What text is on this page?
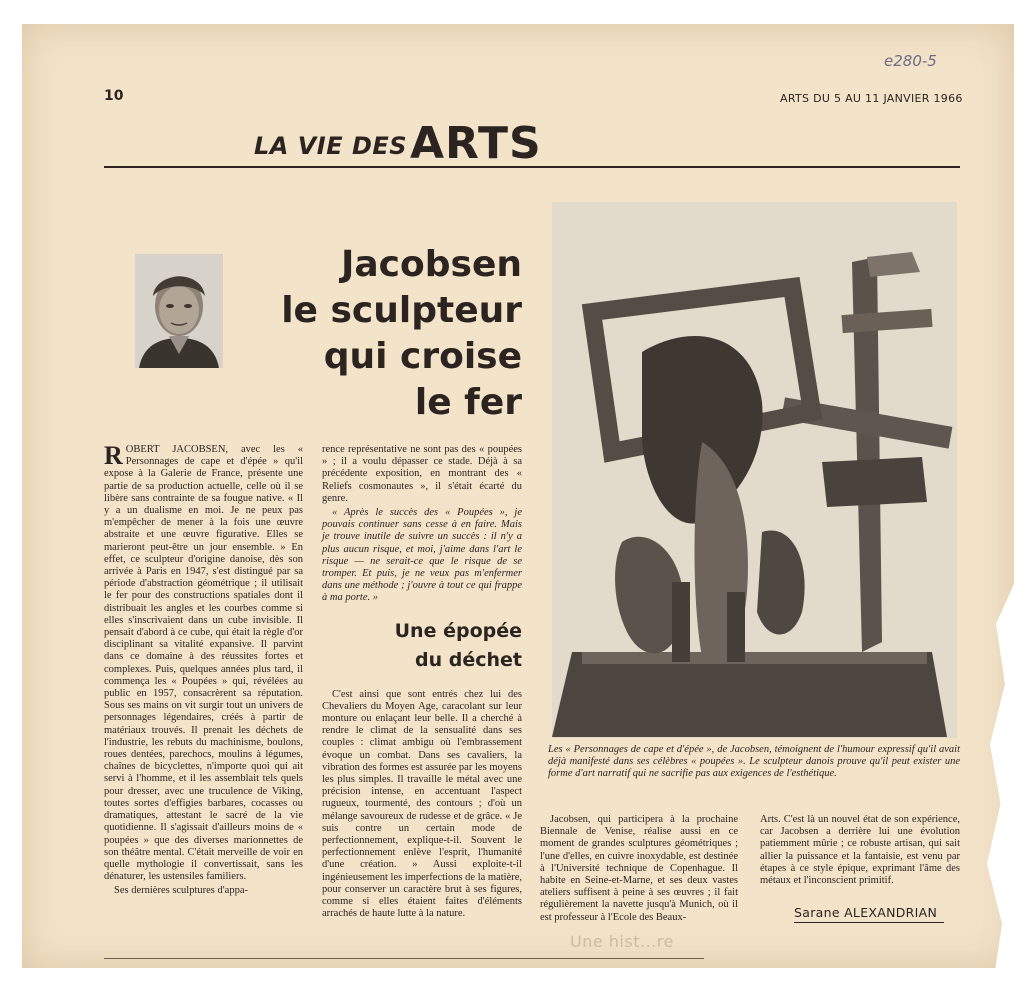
e280-5
10	ARTS DU 5 AU 11 JANVIER 1966
LA VIE DES ARTS
Jacobsen
le sculpteur
qui croise
le fer
Les « Personnages de cape et d'épée », de Jacobsen, témoignent de l'humour expressif qu'il avait déjà manifesté dans ses célèbres « poupées ». Le sculpteur danois prouve qu'il peut exister une forme d'art narratif qui ne sacrifie pas aux exigences de l'esthétique.

ROBERT JACOBSEN, avec les « Personnages de cape et d'épée » qu'il expose à la Galerie de France, présente une partie de sa production actuelle, celle où il se libère sans contrainte de sa fougue native. « Il y a un dualisme en moi. Je ne peux pas m'empêcher de mener à la fois une œuvre abstraite et une œuvre figurative. Elles se marieront peut-être un jour ensemble. » En effet, ce sculpteur d'origine danoise, dès son arrivée à Paris en 1947, s'est distingué par sa période d'abstraction géométrique ; il utilisait le fer pour des constructions spatiales dont il distribuait les angles et les courbes comme si elles s'inscrivaient dans un cube invisible. Il pensait d'abord à ce cube, qui était la règle d'or disciplinant sa vitalité expansive. Il parvint dans ce domaine à des réussites fortes et complexes. Puis, quelques années plus tard, il commença les « Poupées » qui, révélées au public en 1957, consacrèrent sa réputation. Sous ses mains on vit surgir tout un univers de personnages légendaires, créés à partir de matériaux trouvés. Il prenait les déchets de l'industrie, les rebuts du machinisme, boulons, roues dentées, parechocs, moulins à légumes, chaînes de bicyclettes, n'importe quoi qui ait servi à l'homme, et il les assemblait tels quels pour dresser, avec une truculence de Viking, toutes sortes d'effigies barbares, cocasses ou dramatiques, attestant le sacré de la vie quotidienne. Il s'agissait d'ailleurs moins de « poupées » que des diverses marionnettes de son théâtre mental. C'était merveille de voir en quelle mythologie il convertissait, sans les dénaturer, les ustensiles familiers.

Ses dernières sculptures d'appa-

rence représentative ne sont pas des « poupées » ; il a voulu dépasser ce stade. Déjà à sa précédente exposition, en montrant des « Reliefs cosmonautes », il s'était écarté du genre.

« Après le succès des « Poupées », je pouvais continuer sans cesse à en faire. Mais je trouve inutile de suivre un succès : il n'y a plus aucun risque, et moi, j'aime dans l'art le risque — ne serait-ce que le risque de se tromper. Et puis, je ne veux pas m'enfermer dans une méthode ; j'ouvre à tout ce qui frappe à ma porte. »

Une épopée
du déchet

C'est ainsi que sont entrés chez lui des Chevaliers du Moyen Age, caracolant sur leur monture ou enlaçant leur belle. Il a cherché à rendre le climat de la sensualité dans ses couples : climat ambigu où l'embrassement évoque un combat. Dans ses cavaliers, la vibration des formes est assurée par les moyens les plus simples. Il travaille le métal avec une précision intense, en accentuant l'aspect rugueux, tourmenté, des contours ; d'où un mélange savoureux de rudesse et de grâce. « Je suis contre un certain mode de perfectionnement, explique-t-il. Souvent le perfectionnement enlève l'esprit, l'humanité d'une création. » Aussi exploite-t-il ingénieusement les imperfections de la matière, pour conserver un caractère brut à ses figures, comme si elles étaient faites d'éléments arrachés de haute lutte à la nature.

Jacobsen, qui participera à la prochaine Biennale de Venise, réalise aussi en ce moment de grandes sculptures géométriques ; l'une d'elles, en cuivre inoxydable, est destinée à l'Université technique de Copenhague. Il habite en Seine-et-Marne, et ses deux vastes ateliers suffisent à peine à ses œuvres ; il fait régulièrement la navette jusqu'à Munich, où il est professeur à l'Ecole des Beaux-

Arts. C'est là un nouvel état de son expérience, car Jacobsen a derrière lui une évolution patiemment mûrie ; ce robuste artisan, qui sait allier la puissance et la fantaisie, est venu par étapes à ce style épique, exprimant l'âme des métaux et l'inconscient primitif.

Sarane ALEXANDRIAN
Une hist...re
